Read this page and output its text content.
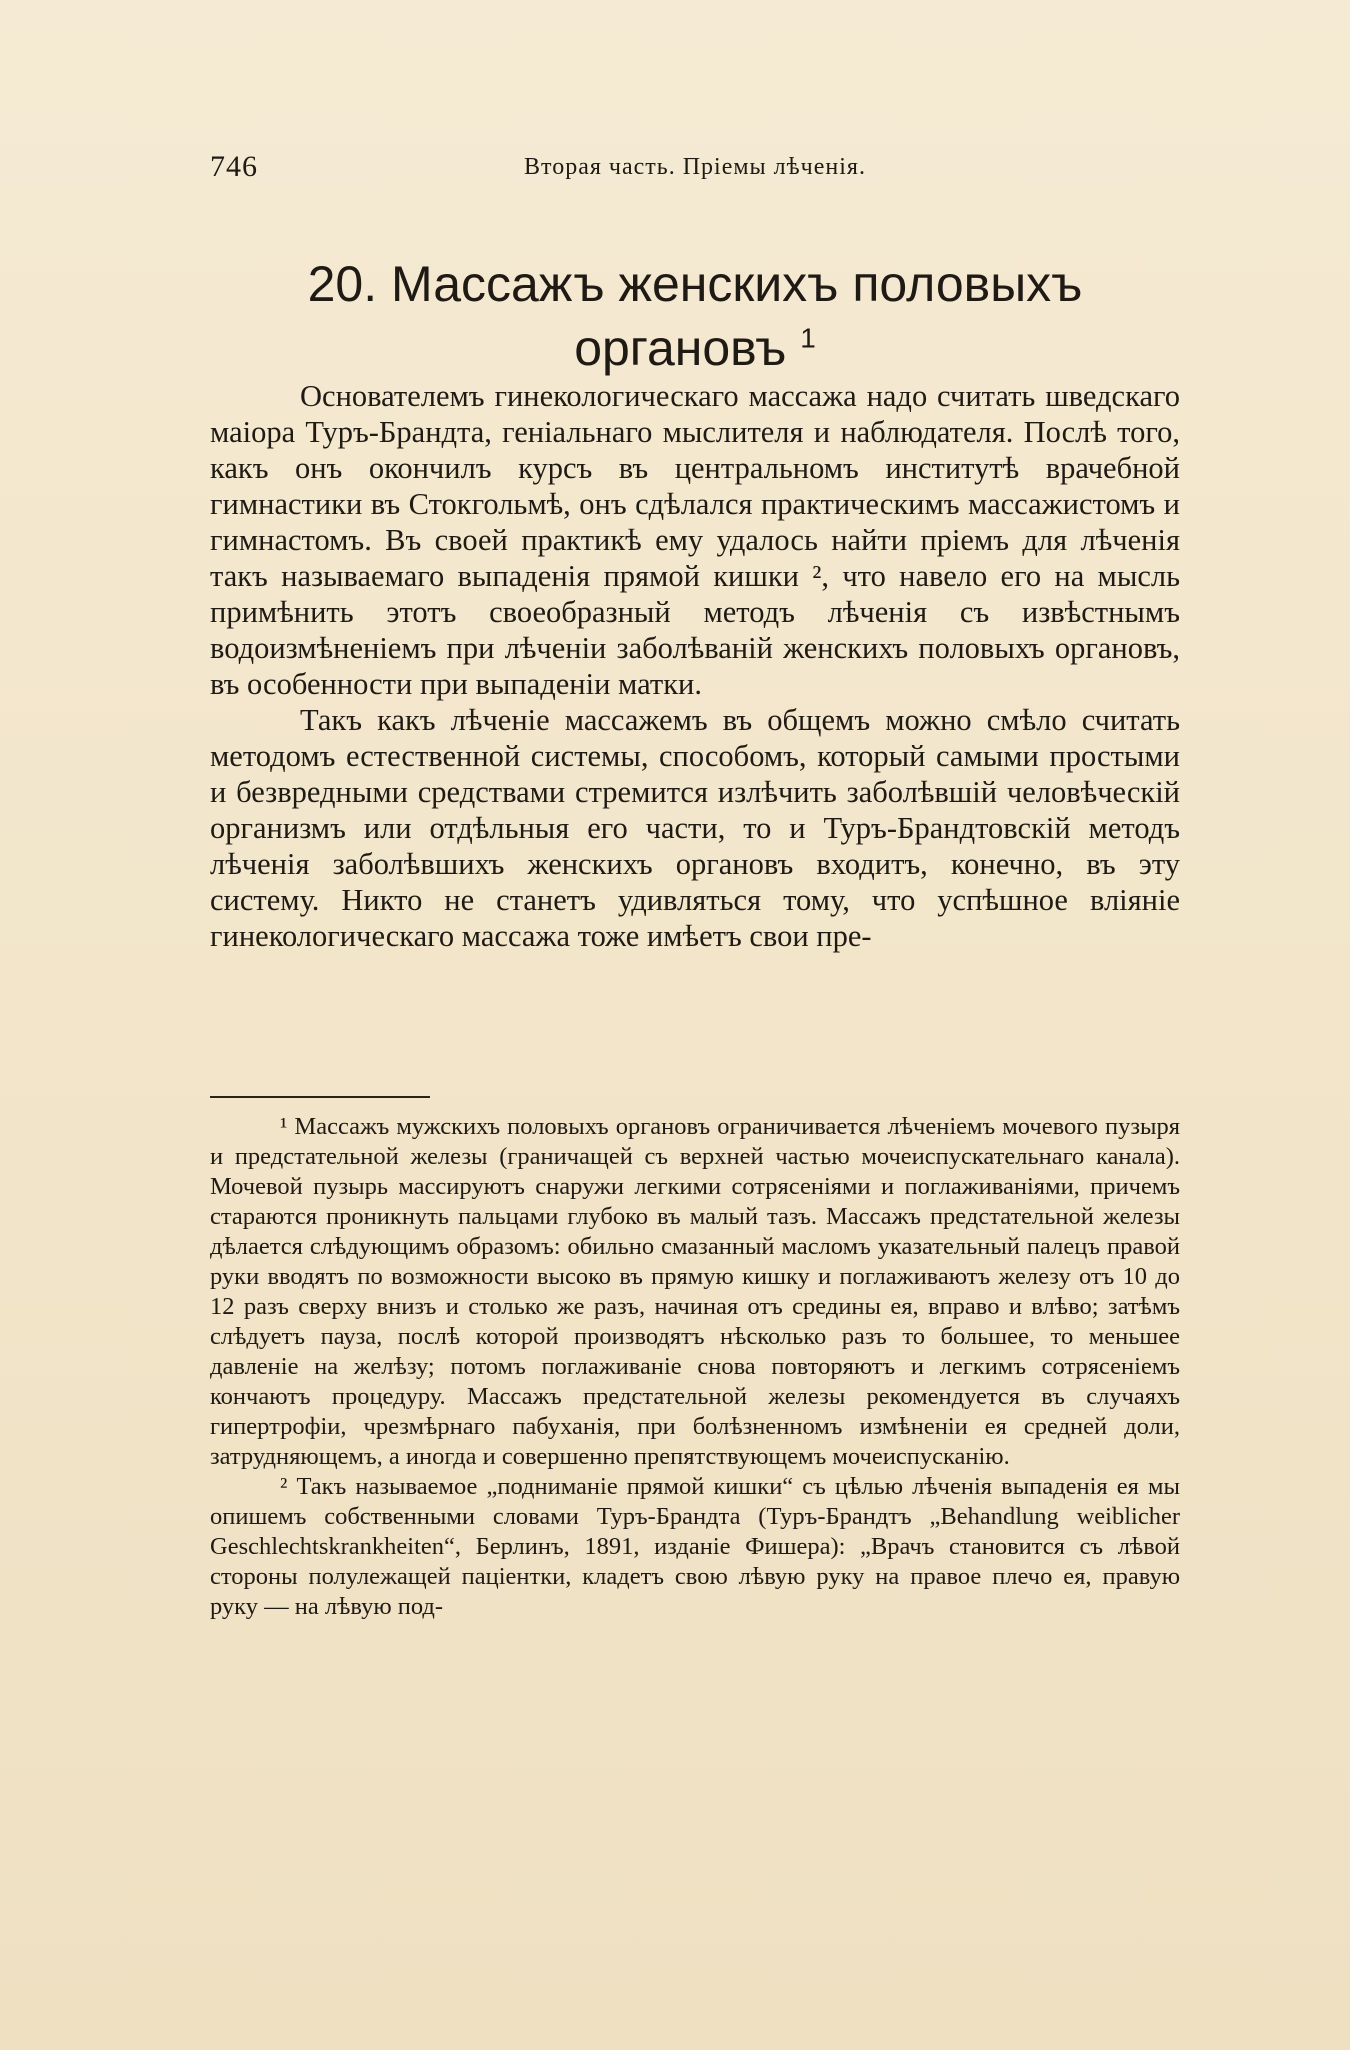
746	Вторая часть. Пріемы лѣченія.
20. Массажъ женскихъ половыхъ органовъ $^1$

Основателемъ гинекологическаго массажа надо считать шведскаго маіора Туръ-Брандта, геніальнаго мыслителя и наблюдателя. Послѣ того, какъ онъ окончилъ курсъ въ центральномъ институтѣ врачебной гимнастики въ Стокгольмѣ, онъ сдѣлался практическимъ массажистомъ и гимнастомъ. Въ своей практикѣ ему удалось найти пріемъ для лѣченія такъ называемаго выпаденія прямой кишки ², что навело его на мысль примѣнить этотъ своеобразный методъ лѣченія съ извѣстнымъ водоизмѣненіемъ при лѣченіи заболѣваній женскихъ половыхъ органовъ, въ особенности при выпаденіи матки.

Такъ какъ лѣченіе массажемъ въ общемъ можно смѣло считать методомъ естественной системы, способомъ, который самыми простыми и безвредными средствами стремится излѣчить заболѣвшій человѣческій организмъ или отдѣльныя его части, то и Туръ-Брандтовскій методъ лѣченія заболѣвшихъ женскихъ органовъ входитъ, конечно, въ эту систему. Никто не станетъ удивляться тому, что успѣшное вліяніе гинекологическаго массажа тоже имѣетъ свои пре-

¹ Массажъ мужскихъ половыхъ органовъ ограничивается лѣченіемъ мочевого пузыря и предстательной железы (граничащей съ верхней частью мочеиспускательнаго канала). Мочевой пузырь массируютъ снаружи легкими сотрясеніями и поглаживаніями, причемъ стараются проникнуть пальцами глубоко въ малый тазъ. Массажъ предстательной железы дѣлается слѣдующимъ образомъ: обильно смазанный масломъ указательный палецъ правой руки вводятъ по возможности высоко въ прямую кишку и поглаживаютъ железу отъ 10 до 12 разъ сверху внизъ и столько же разъ, начиная отъ средины ея, вправо и влѣво; затѣмъ слѣдуетъ пауза, послѣ которой производятъ нѣсколько разъ то большее, то меньшее давленіе на желѣзу; потомъ поглаживаніе снова повторяютъ и легкимъ сотрясеніемъ кончаютъ процедуру. Массажъ предстательной железы рекомендуется въ случаяхъ гипертрофіи, чрезмѣрнаго пабуханія, при болѣзненномъ измѣненіи ея средней доли, затрудняющемъ, а иногда и совершенно препятствующемъ мочеиспусканію.

² Такъ называемое „подниманіе прямой кишки“ съ цѣлью лѣченія выпаденія ея мы опишемъ собственными словами Туръ-Брандта (Туръ-Брандтъ „Behandlung weiblicher Geschlechtskrankheiten“, Берлинъ, 1891, изданіе Фишера): „Врачъ становится съ лѣвой стороны полулежащей паціентки, кладетъ свою лѣвую руку на правое плечо ея, правую руку — на лѣвую под-
